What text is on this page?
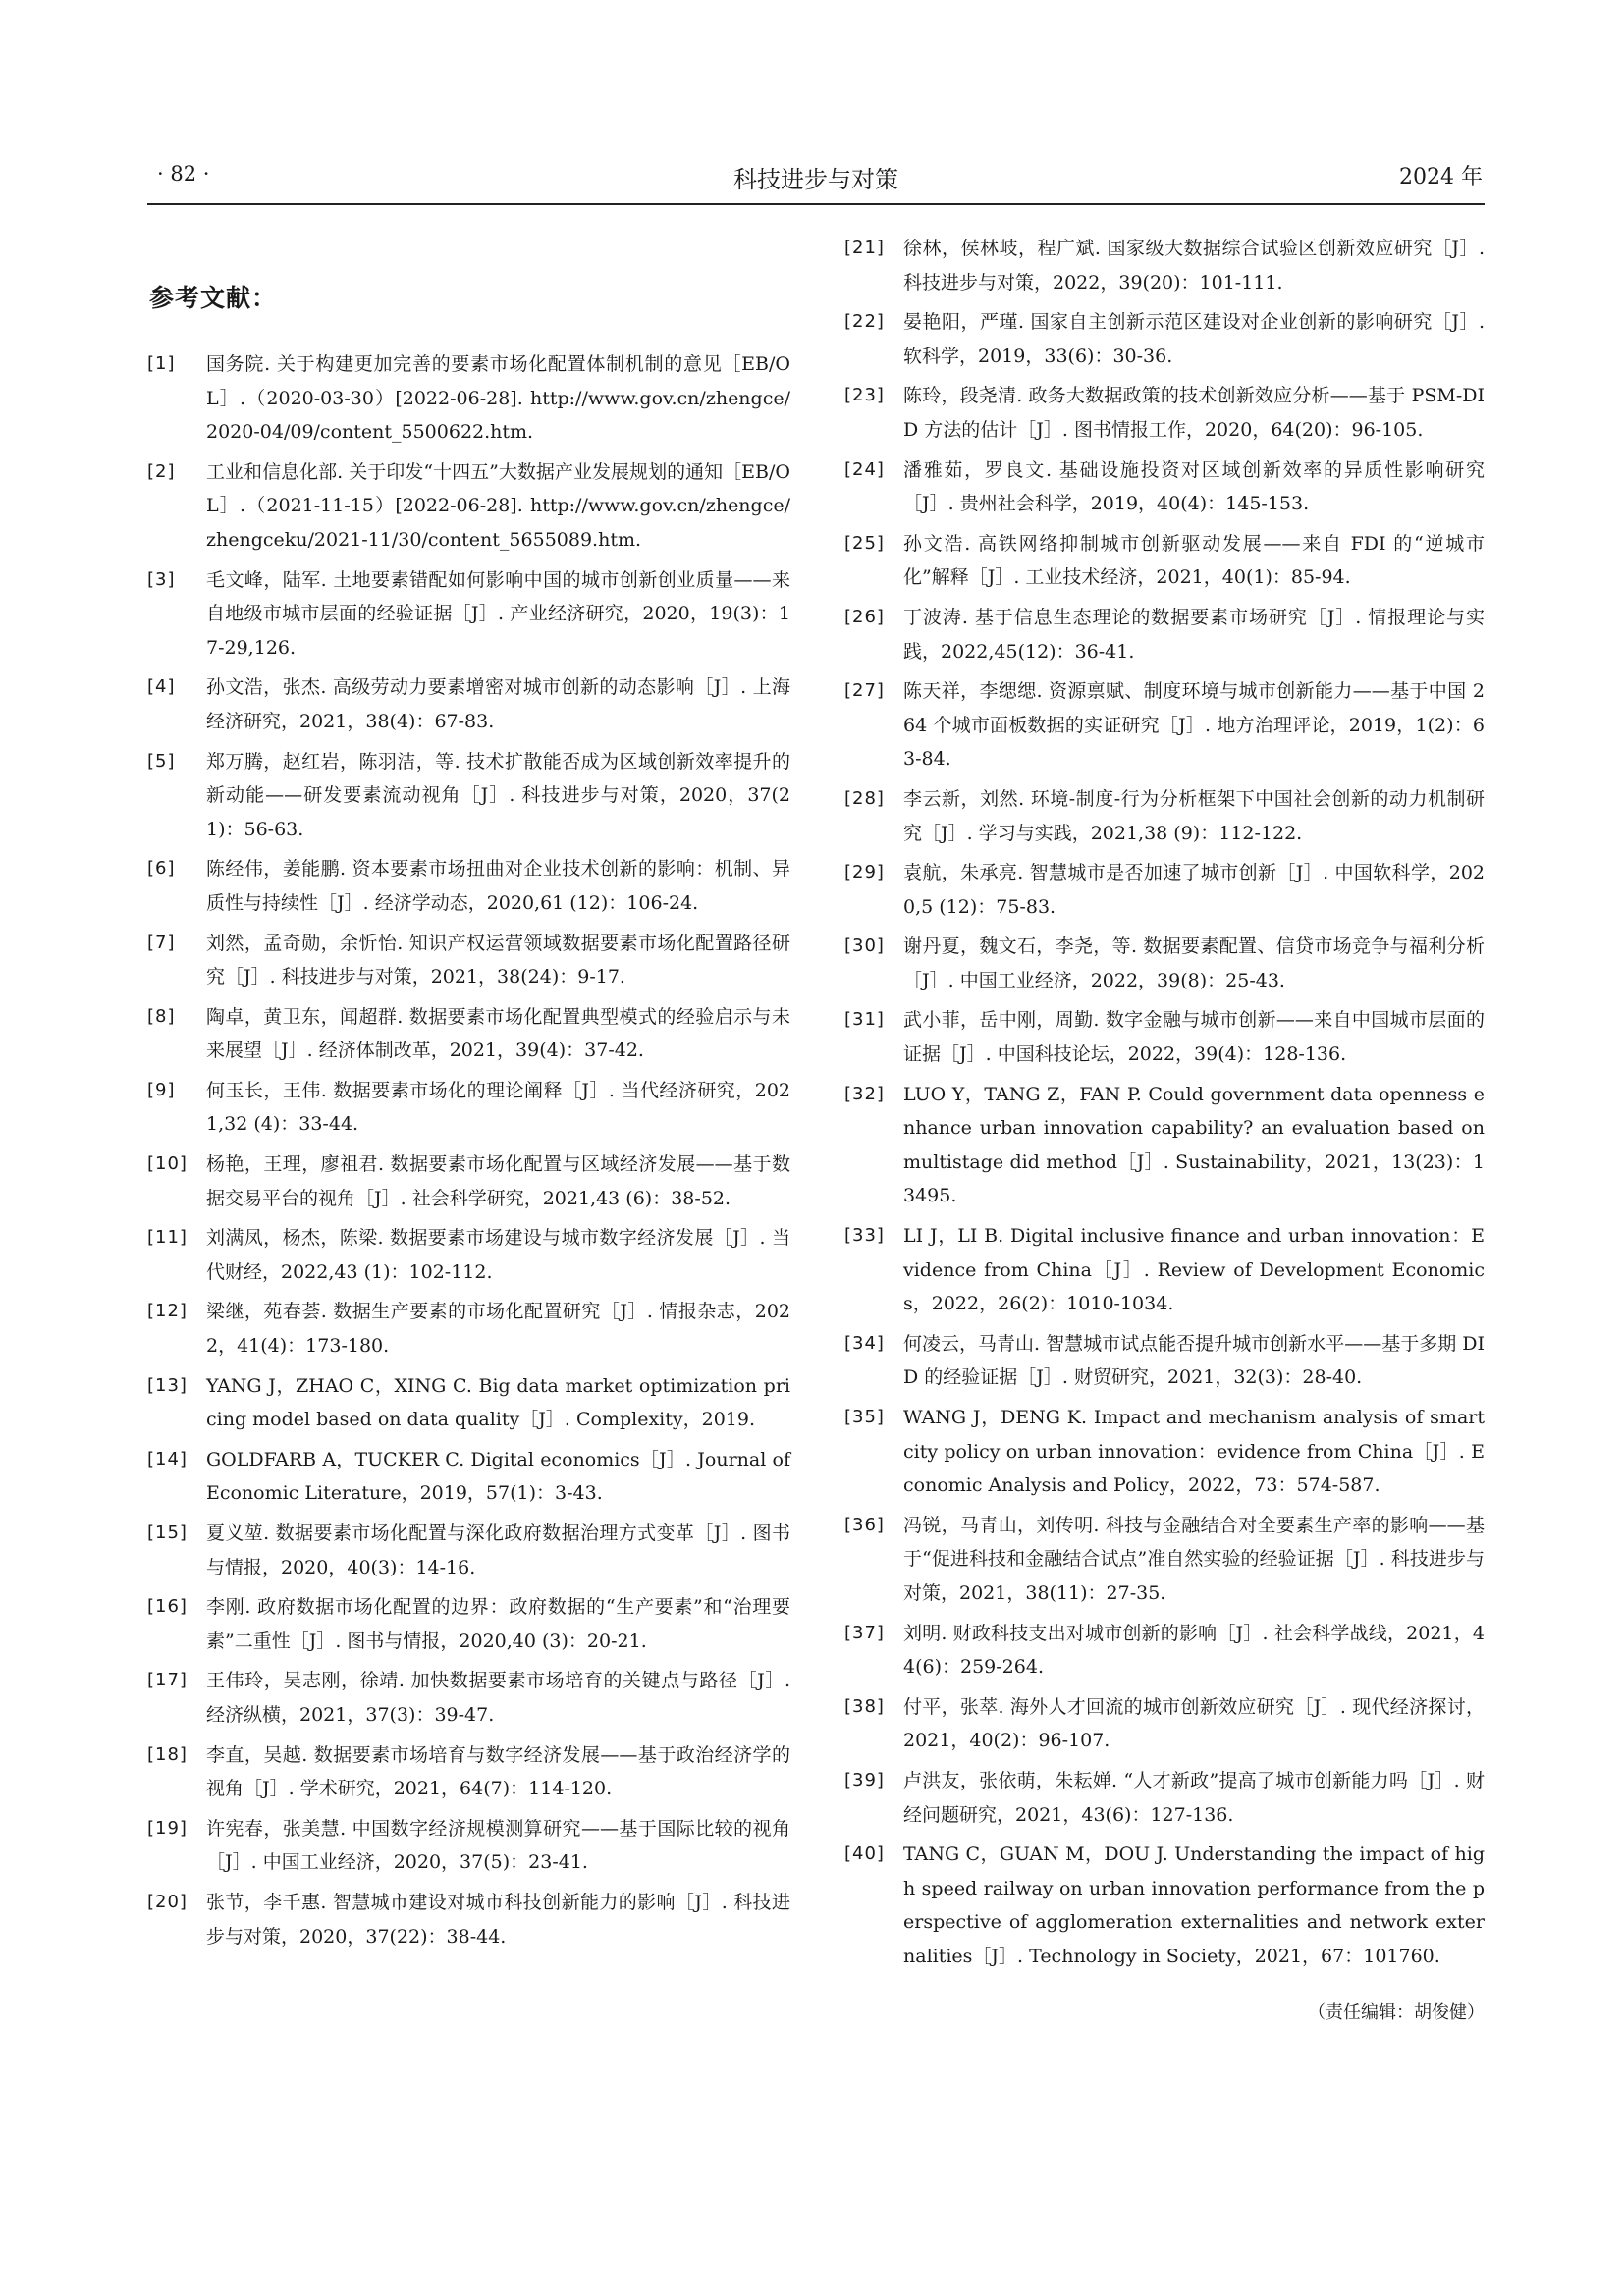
· 82 ·	科技进步与对策	2024 年
参考文献：
[1]	国务院. 关于构建更加完善的要素市场化配置体制机制的意见［EB/OL］.（2020-03-30）[2022-06-28]. http://www.gov.cn/zhengce/2020-04/09/content_5500622.htm.
[2]	工业和信息化部. 关于印发“十四五”大数据产业发展规划的通知［EB/OL］.（2021-11-15）[2022-06-28]. http://www.gov.cn/zhengce/zhengceku/2021-11/30/content_5655089.htm.
[3]	毛文峰，陆军. 土地要素错配如何影响中国的城市创新创业质量——来自地级市城市层面的经验证据［J］. 产业经济研究，2020，19(3)：17-29,126.
[4]	孙文浩，张杰. 高级劳动力要素增密对城市创新的动态影响［J］. 上海经济研究，2021，38(4)：67-83.
[5]	郑万腾，赵红岩，陈羽洁，等. 技术扩散能否成为区域创新效率提升的新动能——研发要素流动视角［J］. 科技进步与对策，2020，37(21)：56-63.
[6]	陈经伟，姜能鹏. 资本要素市场扭曲对企业技术创新的影响：机制、异质性与持续性［J］. 经济学动态，2020,61 (12)：106-24.
[7]	刘然，孟奇勋，余忻怡. 知识产权运营领域数据要素市场化配置路径研究［J］. 科技进步与对策，2021，38(24)：9-17.
[8]	陶卓，黄卫东，闻超群. 数据要素市场化配置典型模式的经验启示与未来展望［J］. 经济体制改革，2021，39(4)：37-42.
[9]	何玉长，王伟. 数据要素市场化的理论阐释［J］. 当代经济研究，2021,32 (4)：33-44.
[10]	杨艳，王理，廖祖君. 数据要素市场化配置与区域经济发展——基于数据交易平台的视角［J］. 社会科学研究，2021,43 (6)：38-52.
[11]	刘满凤，杨杰，陈梁. 数据要素市场建设与城市数字经济发展［J］. 当代财经，2022,43 (1)：102-112.
[12]	梁继，苑春荟. 数据生产要素的市场化配置研究［J］. 情报杂志，2022，41(4)：173-180.
[13]	YANG J，ZHAO C，XING C. Big data market optimization pricing model based on data quality［J］. Complexity，2019.
[14]	GOLDFARB A，TUCKER C. Digital economics［J］. Journal of Economic Literature，2019，57(1)：3-43.
[15]	夏义堃. 数据要素市场化配置与深化政府数据治理方式变革［J］. 图书与情报，2020，40(3)：14-16.
[16]	李刚. 政府数据市场化配置的边界：政府数据的“生产要素”和“治理要素”二重性［J］. 图书与情报，2020,40 (3)：20-21.
[17]	王伟玲，吴志刚，徐靖. 加快数据要素市场培育的关键点与路径［J］. 经济纵横，2021，37(3)：39-47.
[18]	李直，吴越. 数据要素市场培育与数字经济发展——基于政治经济学的视角［J］. 学术研究，2021，64(7)：114-120.
[19]	许宪春，张美慧. 中国数字经济规模测算研究——基于国际比较的视角［J］. 中国工业经济，2020，37(5)：23-41.
[20]	张节，李千惠. 智慧城市建设对城市科技创新能力的影响［J］. 科技进步与对策，2020，37(22)：38-44.
[21]	徐林，侯林岐，程广斌. 国家级大数据综合试验区创新效应研究［J］. 科技进步与对策，2022，39(20)：101-111.
[22]	晏艳阳，严瑾. 国家自主创新示范区建设对企业创新的影响研究［J］. 软科学，2019，33(6)：30-36.
[23]	陈玲，段尧清. 政务大数据政策的技术创新效应分析——基于 PSM-DID 方法的估计［J］. 图书情报工作，2020，64(20)：96-105.
[24]	潘雅茹，罗良文. 基础设施投资对区域创新效率的异质性影响研究［J］. 贵州社会科学，2019，40(4)：145-153.
[25]	孙文浩. 高铁网络抑制城市创新驱动发展——来自 FDI 的“逆城市化”解释［J］. 工业技术经济，2021，40(1)：85-94.
[26]	丁波涛. 基于信息生态理论的数据要素市场研究［J］. 情报理论与实践，2022,45(12)：36-41.
[27]	陈天祥，李缌缌. 资源禀赋、制度环境与城市创新能力——基于中国 264 个城市面板数据的实证研究［J］. 地方治理评论，2019，1(2)：63-84.
[28]	李云新，刘然. 环境-制度-行为分析框架下中国社会创新的动力机制研究［J］. 学习与实践，2021,38 (9)：112-122.
[29]	袁航，朱承亮. 智慧城市是否加速了城市创新［J］. 中国软科学，2020,5 (12)：75-83.
[30]	谢丹夏，魏文石，李尧，等. 数据要素配置、信贷市场竞争与福利分析［J］. 中国工业经济，2022，39(8)：25-43.
[31]	武小菲，岳中刚，周勤. 数字金融与城市创新——来自中国城市层面的证据［J］. 中国科技论坛，2022，39(4)：128-136.
[32]	LUO Y，TANG Z，FAN P. Could government data openness enhance urban innovation capability? an evaluation based on multistage did method［J］. Sustainability，2021，13(23)：13495.
[33]	LI J，LI B. Digital inclusive finance and urban innovation：Evidence from China［J］. Review of Development Economics，2022，26(2)：1010-1034.
[34]	何凌云，马青山. 智慧城市试点能否提升城市创新水平——基于多期 DID 的经验证据［J］. 财贸研究，2021，32(3)：28-40.
[35]	WANG J，DENG K. Impact and mechanism analysis of smart city policy on urban innovation：evidence from China［J］. Economic Analysis and Policy，2022，73：574-587.
[36]	冯锐，马青山，刘传明. 科技与金融结合对全要素生产率的影响——基于“促进科技和金融结合试点”准自然实验的经验证据［J］. 科技进步与对策，2021，38(11)：27-35.
[37]	刘明. 财政科技支出对城市创新的影响［J］. 社会科学战线，2021，44(6)：259-264.
[38]	付平，张萃. 海外人才回流的城市创新效应研究［J］. 现代经济探讨，2021，40(2)：96-107.
[39]	卢洪友，张依萌，朱耘婵. “人才新政”提高了城市创新能力吗［J］. 财经问题研究，2021，43(6)：127-136.
[40]	TANG C，GUAN M，DOU J. Understanding the impact of high speed railway on urban innovation performance from the perspective of agglomeration externalities and network externalities［J］. Technology in Society，2021，67：101760.
（责任编辑：胡俊健）
